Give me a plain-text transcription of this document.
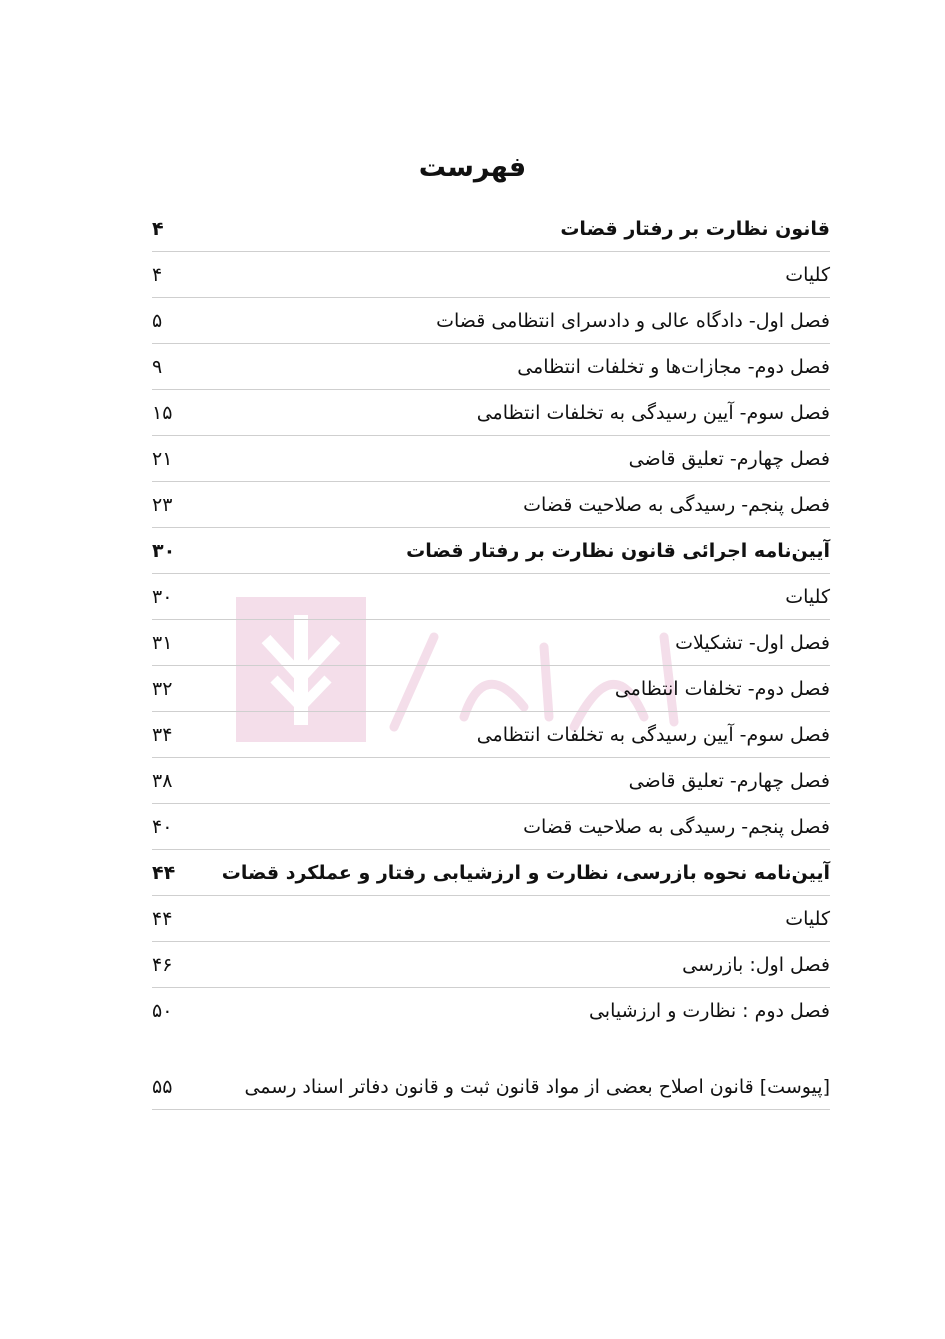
فهرست
قانون نظارت بر رفتار قضات
۴
کلیات
۴
فصل اول- دادگاه عالی و دادسرای انتظامی قضات
۵
فصل دوم- مجازات‌ها و تخلفات انتظامی
۹
فصل سوم- آیین رسیدگی به تخلفات انتظامی
۱۵
فصل چهارم- تعلیق قاضی
۲۱
فصل پنجم- رسیدگی به صلاحیت قضات
۲۳
آیین‌نامه اجرائی قانون نظارت بر رفتار قضات
۳۰
کلیات
۳۰
فصل اول- تشکیلات
۳۱
فصل دوم- تخلفات انتظامی
۳۲
فصل سوم- آیین رسیدگی به تخلفات انتظامی
۳۴
فصل چهارم- تعلیق قاضی
۳۸
فصل پنجم- رسیدگی به صلاحیت قضات
۴۰
آیین‌نامه نحوه بازرسی، نظارت و ارزشیابی رفتار و عملکرد قضات
۴۴
کلیات
۴۴
فصل اول: بازرسی
۴۶
فصل دوم : نظارت و ارزشیابی
۵۰
[پیوست] قانون اصلاح بعضی از مواد قانون ثبت و قانون دفاتر اسناد رسمی
۵۵
